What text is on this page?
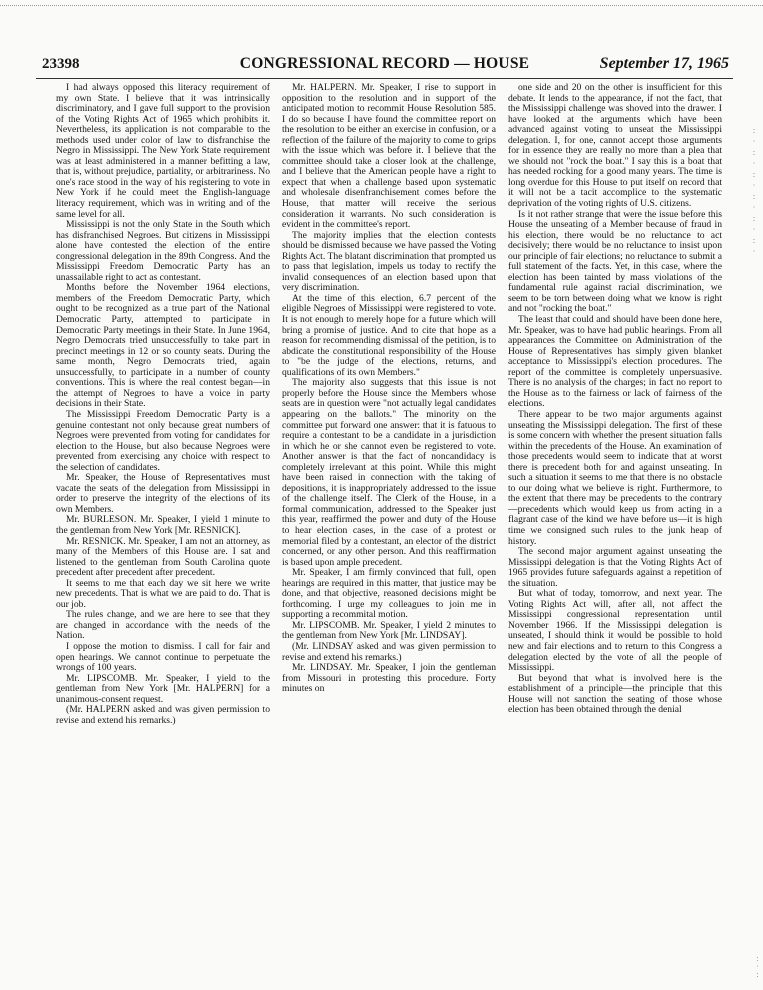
23398	CONGRESSIONAL RECORD — HOUSE	September 17, 1965

I had always opposed this literacy requirement of my own State. I believe that it was intrinsically discriminatory, and I gave full support to the provision of the Voting Rights Act of 1965 which prohibits it. Nevertheless, its application is not comparable to the methods used under color of law to disfranchise the Negro in Mississippi. The New York State requirement was at least administered in a manner befitting a law, that is, without prejudice, partiality, or arbitrariness. No one's race stood in the way of his registering to vote in New York if he could meet the English-language literacy requirement, which was in writing and of the same level for all.

Mississippi is not the only State in the South which has disfranchised Negroes. But citizens in Mississippi alone have contested the election of the entire congressional delegation in the 89th Congress. And the Mississippi Freedom Democratic Party has an unassailable right to act as contestant.

Months before the November 1964 elections, members of the Freedom Democratic Party, which ought to be recognized as a true part of the National Democratic Party, attempted to participate in Democratic Party meetings in their State. In June 1964, Negro Democrats tried unsuccessfully to take part in precinct meetings in 12 or so county seats. During the same month, Negro Democrats tried, again unsuccessfully, to participate in a number of county conventions. This is where the real contest began—in the attempt of Negroes to have a voice in party decisions in their State.

The Mississippi Freedom Democratic Party is a genuine contestant not only because great numbers of Negroes were prevented from voting for candidates for election to the House, but also because Negroes were prevented from exercising any choice with respect to the selection of candidates.

Mr. Speaker, the House of Representatives must vacate the seats of the delegation from Mississippi in order to preserve the integrity of the elections of its own Members.

Mr. BURLESON. Mr. Speaker, I yield 1 minute to the gentleman from New York [Mr. RESNICK].

Mr. RESNICK. Mr. Speaker, I am not an attorney, as many of the Members of this House are. I sat and listened to the gentleman from South Carolina quote precedent after precedent after precedent.

It seems to me that each day we sit here we write new precedents. That is what we are paid to do. That is our job.

The rules change, and we are here to see that they are changed in accordance with the needs of the Nation.

I oppose the motion to dismiss. I call for fair and open hearings. We cannot continue to perpetuate the wrongs of 100 years.

Mr. LIPSCOMB. Mr. Speaker, I yield to the gentleman from New York [Mr. HALPERN] for a unanimous-consent request.

(Mr. HALPERN asked and was given permission to revise and extend his remarks.)

Mr. HALPERN. Mr. Speaker, I rise to support in opposition to the resolution and in support of the anticipated motion to recommit House Resolution 585. I do so because I have found the committee report on the resolution to be either an exercise in confusion, or a reflection of the failure of the majority to come to grips with the issue which was before it. I believe that the committee should take a closer look at the challenge, and I believe that the American people have a right to expect that when a challenge based upon systematic and wholesale disenfranchisement comes before the House, that matter will receive the serious consideration it warrants. No such consideration is evident in the committee's report.

The majority implies that the election contests should be dismissed because we have passed the Voting Rights Act. The blatant discrimination that prompted us to pass that legislation, impels us today to rectify the invalid consequences of an election based upon that very discrimination.

At the time of this election, 6.7 percent of the eligible Negroes of Mississippi were registered to vote. It is not enough to merely hope for a future which will bring a promise of justice. And to cite that hope as a reason for recommending dismissal of the petition, is to abdicate the constitutional responsibility of the House to "be the judge of the elections, returns, and qualifications of its own Members."

The majority also suggests that this issue is not properly before the House since the Members whose seats are in question were "not actually legal candidates appearing on the ballots." The minority on the committee put forward one answer: that it is fatuous to require a contestant to be a candidate in a jurisdiction in which he or she cannot even be registered to vote. Another answer is that the fact of noncandidacy is completely irrelevant at this point. While this might have been raised in connection with the taking of depositions, it is inappropriately addressed to the issue of the challenge itself. The Clerk of the House, in a formal communication, addressed to the Speaker just this year, reaffirmed the power and duty of the House to hear election cases, in the case of a protest or memorial filed by a contestant, an elector of the district concerned, or any other person. And this reaffirmation is based upon ample precedent.

Mr. Speaker, I am firmly convinced that full, open hearings are required in this matter, that justice may be done, and that objective, reasoned decisions might be forthcoming. I urge my colleagues to join me in supporting a recommital motion.

Mr. LIPSCOMB. Mr. Speaker, I yield 2 minutes to the gentleman from New York [Mr. LINDSAY].

(Mr. LINDSAY asked and was given permission to revise and extend his remarks.)

Mr. LINDSAY. Mr. Speaker, I join the gentleman from Missouri in protesting this procedure. Forty minutes on

one side and 20 on the other is insufficient for this debate. It lends to the appearance, if not the fact, that the Mississippi challenge was shoved into the drawer. I have looked at the arguments which have been advanced against voting to unseat the Mississippi delegation. I, for one, cannot accept those arguments for in essence they are really no more than a plea that we should not "rock the boat." I say this is a boat that has needed rocking for a good many years. The time is long overdue for this House to put itself on record that it will not be a tacit accomplice to the systematic deprivation of the voting rights of U.S. citizens.

Is it not rather strange that were the issue before this House the unseating of a Member because of fraud in his election, there would be no reluctance to act decisively; there would be no reluctance to insist upon our principle of fair elections; no reluctance to submit a full statement of the facts. Yet, in this case, where the election has been tainted by mass violations of the fundamental rule against racial discrimination, we seem to be torn between doing what we know is right and not "rocking the boat."

The least that could and should have been done here, Mr. Speaker, was to have had public hearings. From all appearances the Committee on Administration of the House of Representatives has simply given blanket acceptance to Mississippi's election procedures. The report of the committee is completely unpersuasive. There is no analysis of the charges; in fact no report to the House as to the fairness or lack of fairness of the elections.

There appear to be two major arguments against unseating the Mississippi delegation. The first of these is some concern with whether the present situation falls within the precedents of the House. An examination of those precedents would seem to indicate that at worst there is precedent both for and against unseating. In such a situation it seems to me that there is no obstacle to our doing what we believe is right. Furthermore, to the extent that there may be precedents to the contrary—precedents which would keep us from acting in a flagrant case of the kind we have before us—it is high time we consigned such rules to the junk heap of history.

The second major argument against unseating the Mississippi delegation is that the Voting Rights Act of 1965 provides future safeguards against a repetition of the situation.

But what of today, tomorrow, and next year. The Voting Rights Act will, after all, not affect the Mississippi congressional representation until November 1966. If the Mississippi delegation is unseated, I should think it would be possible to hold new and fair elections and to return to this Congress a delegation elected by the vote of all the people of Mississippi.

But beyond that what is involved here is the establishment of a principle—the principle that this House will not sanction the seating of those whose election has been obtained through the denial

:
·
:
·
:
·
:
·
:
·
:
·
:
·
:
